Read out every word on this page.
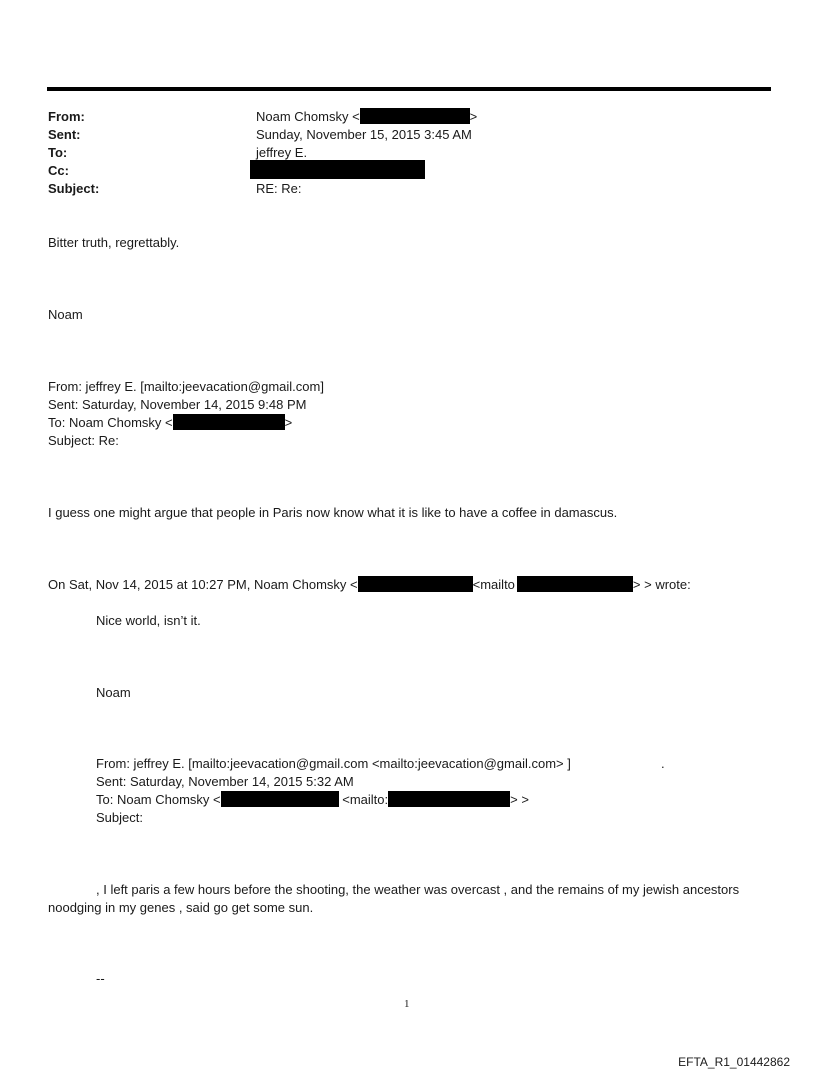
From:	Noam Chomsky <	>
Sent:	Sunday, November 15, 2015 3:45 AM
To:	jeffrey E.
Cc:
Subject:	RE: Re:
Bitter truth, regrettably.
Noam
From: jeffrey E. [mailto:jeevacation@gmail.com]
Sent: Saturday, November 14, 2015 9:48 PM
To: Noam Chomsky <	>
Subject: Re:
I guess one might argue that people in Paris now know what it is like to have a coffee in damascus.
On Sat, Nov 14, 2015 at 10:27 PM, Noam Chomsky <	<mailto	> > wrote:
Nice world, isn’t it.
Noam
From: jeffrey E. [mailto:jeevacation@gmail.com <mailto:jeevacation@gmail.com> ]	.
Sent: Saturday, November 14, 2015 5:32 AM
To: Noam Chomsky <	<mailto:	> >
Subject:
, I left paris a few hours before the shooting, the weather was overcast , and the remains of my jewish ancestors
noodging in my genes , said go get some sun.
--
1
EFTA_R1_01442862
